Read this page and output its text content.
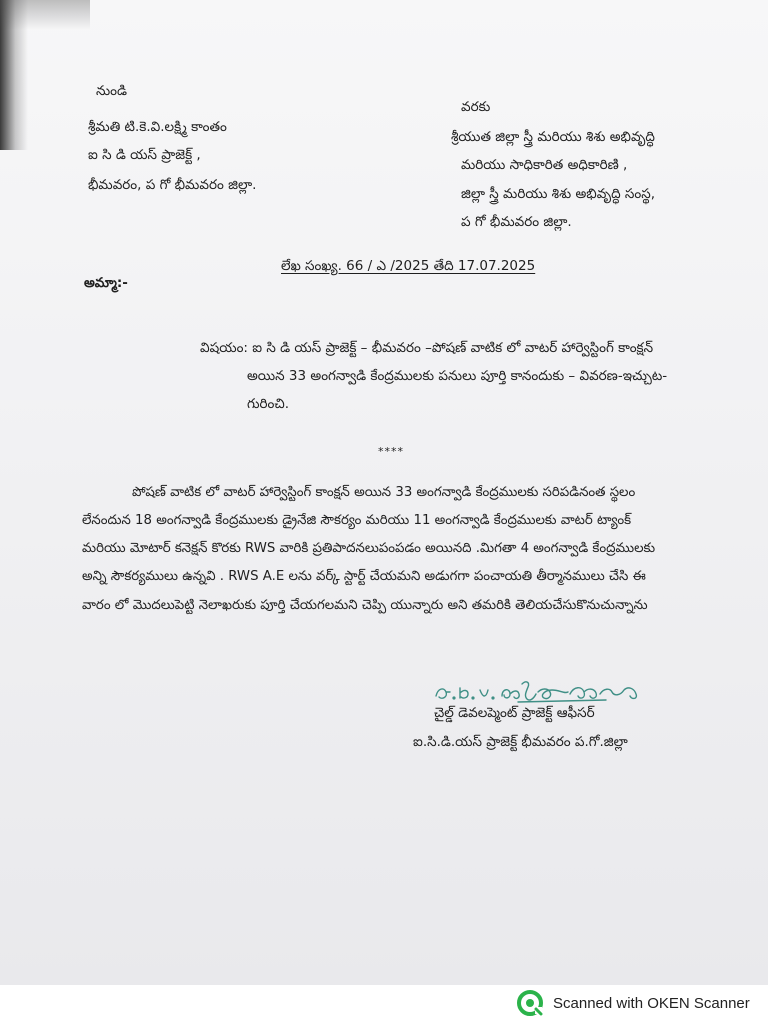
నుండి
శ్రీమతి టి.కె.వి.లక్ష్మి కాంతం
ఐ సి డి యస్ ప్రాజెక్ట్ ,
భీమవరం, ప గో భీమవరం జిల్లా.
వరకు
శ్రీయుత జిల్లా స్త్రీ మరియు శిశు అభివృద్ధి
మరియు సాధికారిత అధికారిణి ,
జిల్లా స్త్రీ మరియు శిశు అభివృద్ధి సంస్థ,
ప గో భీమవరం జిల్లా.
లేఖ సంఖ్య. 66 / ఎ /2025 తేది 17.07.2025
అమ్మా:-
విషయం: ఐ సి డి యస్ ప్రాజెక్ట్ – భీమవరం –పోషణ్ వాటిక లో వాటర్ హార్వెస్టింగ్ కాంక్షన్
అయిన 33 అంగన్వాడి కేంద్రములకు పనులు పూర్తి కానందుకు – వివరణ-ఇచ్చుట-
గురించి.
****
పోషణ్ వాటిక లో వాటర్ హార్వెస్టింగ్ కాంక్షన్ అయిన 33 అంగన్వాడి కేంద్రములకు సరిపడినంత స్థలం
లేనందున 18 అంగన్వాడి కేంద్రములకు డ్రైనేజి సౌకర్యం మరియు 11 అంగన్వాడి కేంద్రములకు వాటర్ ట్యాంక్
మరియు మోటార్ కనెక్షన్ కొరకు RWS వారికి ప్రతిపాదనలుపంపడం అయినది .మిగతా 4 అంగన్వాడి కేంద్రములకు
అన్ని సౌకర్యములు ఉన్నవి . RWS A.E లను వర్క్ స్టార్ట్ చేయమని అడుగగా పంచాయతి తీర్మానములు చేసి ఈ
వారం లో మొదలుపెట్టి నెలాఖరుకు పూర్తి చేయగలమని చెప్పి యున్నారు అని తమరికి తెలియచేసుకొనుచున్నాను
చైల్డ్ డెవలప్మెంట్ ప్రాజెక్ట్ ఆఫీసర్
ఐ.సి.డి.యస్ ప్రాజెక్ట్ భీమవరం ప.గో.జిల్లా
Scanned with OKEN Scanner
